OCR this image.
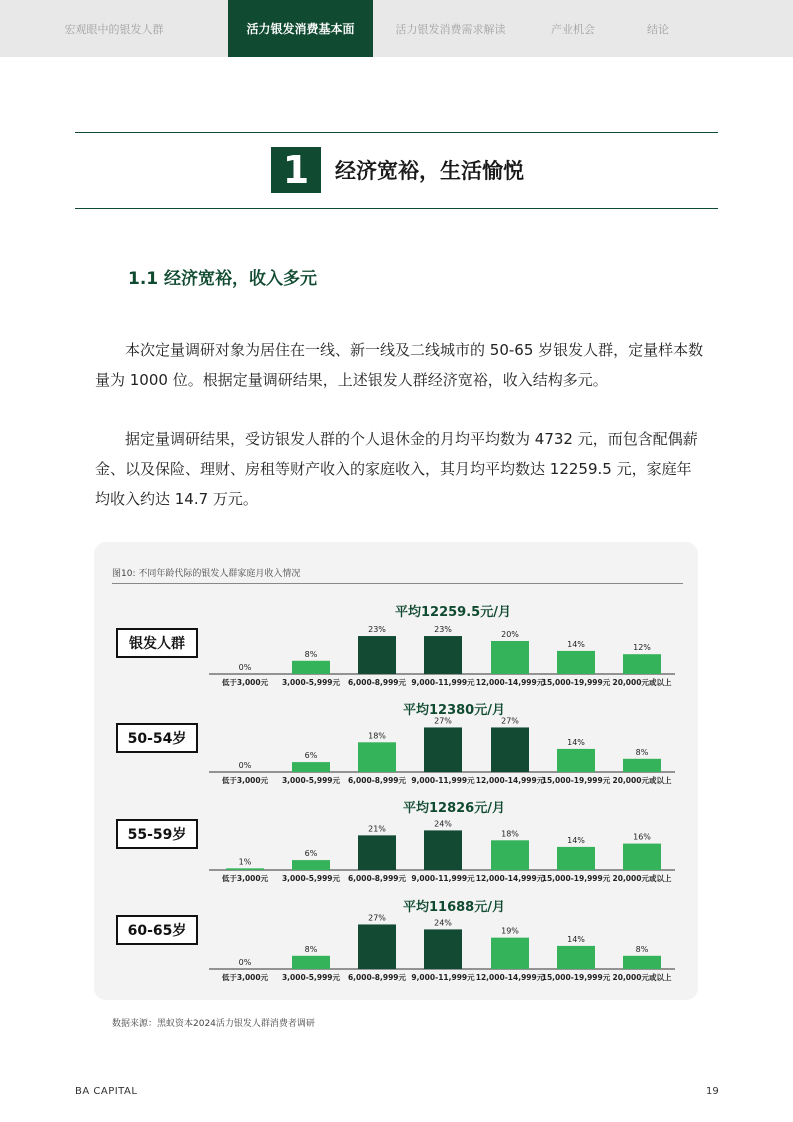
宏观眼中的银发人群	活力银发消费基本面	活力银发消费需求解读	产业机会	结论
1	经济宽裕，生活愉悦
1.1 经济宽裕，收入多元

本次定量调研对象为居住在一线、新一线及二线城市的 50-65 岁银发人群，定量样本数量为 1000 位。根据定量调研结果，上述银发人群经济宽裕，收入结构多元。

据定量调研结果，受访银发人群的个人退休金的月均平均数为 4732 元，而包含配偶薪金、以及保险、理财、房租等财产收入的家庭收入，其月均平均数达 12259.5 元，家庭年均收入约达 14.7 万元。

图10: 不同年龄代际的银发人群家庭月收入情况
银发人群
50-54岁
55-59岁
60-65岁
平均12259.5元/月
平均12380元/月
平均12826元/月
平均11688元/月
0%
低于3,000元
8%
3,000-5,999元
23%
6,000-8,999元
23%
9,000-11,999元
20%
12,000-14,999元
14%
15,000-19,999元
12%
20,000元或以上
0%
低于3,000元
6%
3,000-5,999元
18%
6,000-8,999元
27%
9,000-11,999元
27%
12,000-14,999元
14%
15,000-19,999元
8%
20,000元或以上
1%
低于3,000元
6%
3,000-5,999元
21%
6,000-8,999元
24%
9,000-11,999元
18%
12,000-14,999元
14%
15,000-19,999元
16%
20,000元或以上
0%
低于3,000元
8%
3,000-5,999元
27%
6,000-8,999元
24%
9,000-11,999元
19%
12,000-14,999元
14%
15,000-19,999元
8%
20,000元或以上
数据来源：黑蚁资本2024活力银发人群消费者调研
BA CAPITAL	19
